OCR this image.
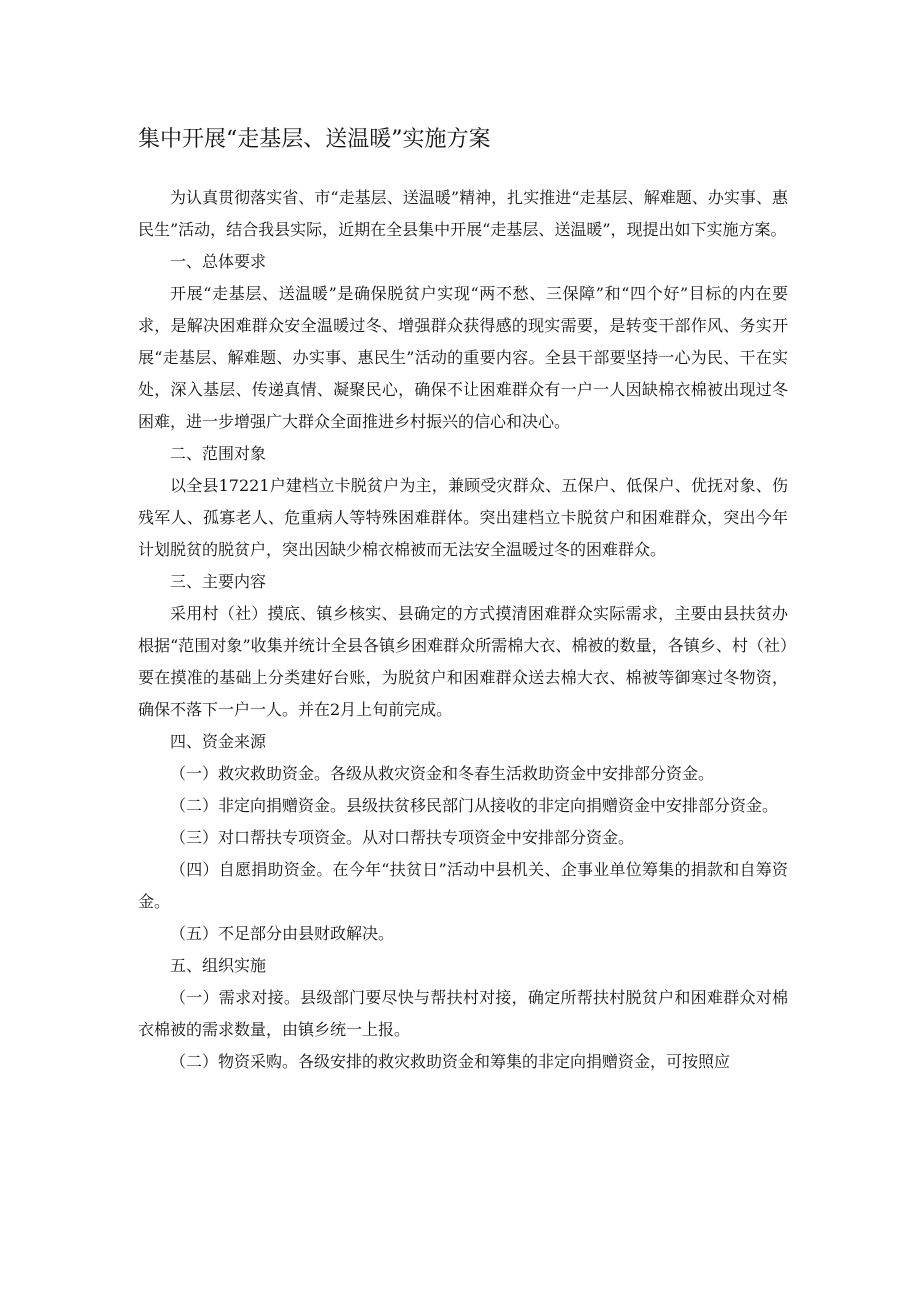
集中开展“走基层、送温暖”实施方案

为认真贯彻落实省、市“走基层、送温暖”精神，扎实推进“走基层、解难题、办实事、惠民生”活动，结合我县实际，近期在全县集中开展“走基层、送温暖”，现提出如下实施方案。

一、总体要求

开展“走基层、送温暖”是确保脱贫户实现“两不愁、三保障”和“四个好”目标的内在要求，是解决困难群众安全温暖过冬、增强群众获得感的现实需要，是转变干部作风、务实开展“走基层、解难题、办实事、惠民生”活动的重要内容。全县干部要坚持一心为民、干在实处，深入基层、传递真情、凝聚民心，确保不让困难群众有一户一人因缺棉衣棉被出现过冬困难，进一步增强广大群众全面推进乡村振兴的信心和决心。

二、范围对象

以全县17221户建档立卡脱贫户为主，兼顾受灾群众、五保户、低保户、优抚对象、伤残军人、孤寡老人、危重病人等特殊困难群体。突出建档立卡脱贫户和困难群众，突出今年计划脱贫的脱贫户，突出因缺少棉衣棉被而无法安全温暖过冬的困难群众。

三、主要内容

采用村（社）摸底、镇乡核实、县确定的方式摸清困难群众实际需求，主要由县扶贫办根据“范围对象”收集并统计全县各镇乡困难群众所需棉大衣、棉被的数量，各镇乡、村（社）要在摸准的基础上分类建好台账，为脱贫户和困难群众送去棉大衣、棉被等御寒过冬物资，确保不落下一户一人。并在2月上旬前完成。

四、资金来源

（一）救灾救助资金。各级从救灾资金和冬春生活救助资金中安排部分资金。

（二）非定向捐赠资金。县级扶贫移民部门从接收的非定向捐赠资金中安排部分资金。

（三）对口帮扶专项资金。从对口帮扶专项资金中安排部分资金。

（四）自愿捐助资金。在今年“扶贫日”活动中县机关、企事业单位筹集的捐款和自筹资金。

（五）不足部分由县财政解决。

五、组织实施

（一）需求对接。县级部门要尽快与帮扶村对接，确定所帮扶村脱贫户和困难群众对棉衣棉被的需求数量，由镇乡统一上报。

（二）物资采购。各级安排的救灾救助资金和筹集的非定向捐赠资金，可按照应
